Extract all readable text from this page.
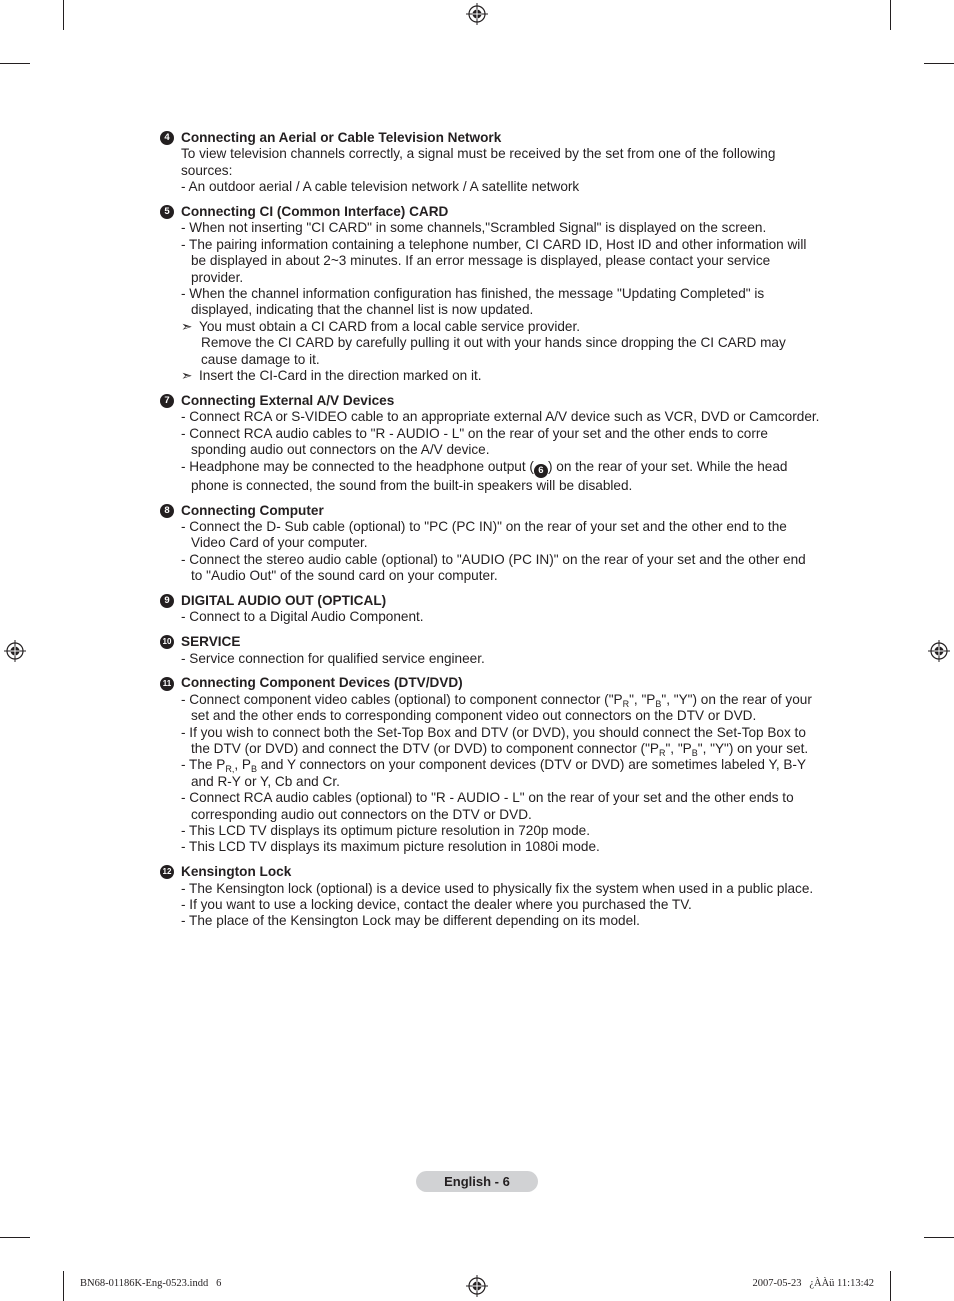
4 Connecting an Aerial or Cable Television Network
To view television channels correctly, a signal must be received by the set from one of the following sources:
- An outdoor aerial / A cable television network / A satellite network
5 Connecting CI (Common Interface) CARD
- When not inserting "CI CARD" in some channels,"Scrambled Signal" is displayed on the screen.
- The pairing information containing a telephone number, CI CARD ID, Host ID and other information will be displayed in about 2~3 minutes. If an error message is displayed, please contact your service provider.
- When the channel information configuration has finished, the message "Updating Completed" is displayed, indicating that the channel list is now updated.
➣ You must obtain a CI CARD from a local cable service provider.
Remove the CI CARD by carefully pulling it out with your hands since dropping the CI CARD may cause damage to it.
➣ Insert the CI-Card in the direction marked on it.
7 Connecting External A/V Devices
- Connect RCA or S-VIDEO cable to an appropriate external A/V device such as VCR, DVD or Camcorder.
- Connect RCA audio cables to "R - AUDIO - L" on the rear of your set and the other ends to corre sponding audio out connectors on the A/V device.
- Headphone may be connected to the headphone output ( 6 ) on the rear of your set. While the head phone is connected, the sound from the built-in speakers will be disabled.
8 Connecting Computer
- Connect the D- Sub cable (optional) to "PC (PC IN)" on the rear of your set and the other end to the Video Card of your computer.
- Connect the stereo audio cable (optional) to "AUDIO (PC IN)" on the rear of your set and the other end to "Audio Out" of the sound card on your computer.
9 DIGITAL AUDIO OUT (OPTICAL)
- Connect to a Digital Audio Component.
10 SERVICE
- Service connection for qualified service engineer.
11 Connecting Component Devices (DTV/DVD)
- Connect component video cables (optional) to component connector ("$P_R$", "$P_B$", "Y") on the rear of your set and the other ends to corresponding component video out connectors on the DTV or DVD.
- If you wish to connect both the Set-Top Box and DTV (or DVD), you should connect the Set-Top Box to the DTV (or DVD) and connect the DTV (or DVD) to component connector ("$P_R$", "$P_B$", "Y") on your set.
- The $P_{R,}$, $P_B$ and Y connectors on your component devices (DTV or DVD) are sometimes labeled Y, B-Y and R-Y or Y, Cb and Cr.
- Connect RCA audio cables (optional) to "R - AUDIO - L" on the rear of your set and the other ends to corresponding audio out connectors on the DTV or DVD.
- This LCD TV displays its optimum picture resolution in 720p mode.
- This LCD TV displays its maximum picture resolution in 1080i mode.
12 Kensington Lock
- The Kensington lock (optional) is a device used to physically fix the system when used in a public place.
- If you want to use a locking device, contact the dealer where you purchased the TV.
- The place of the Kensington Lock may be different depending on its model.
English - 6
BN68-01186K-Eng-0523.indd   6	2007-05-23   ¿ÀÀü 11:13:42
